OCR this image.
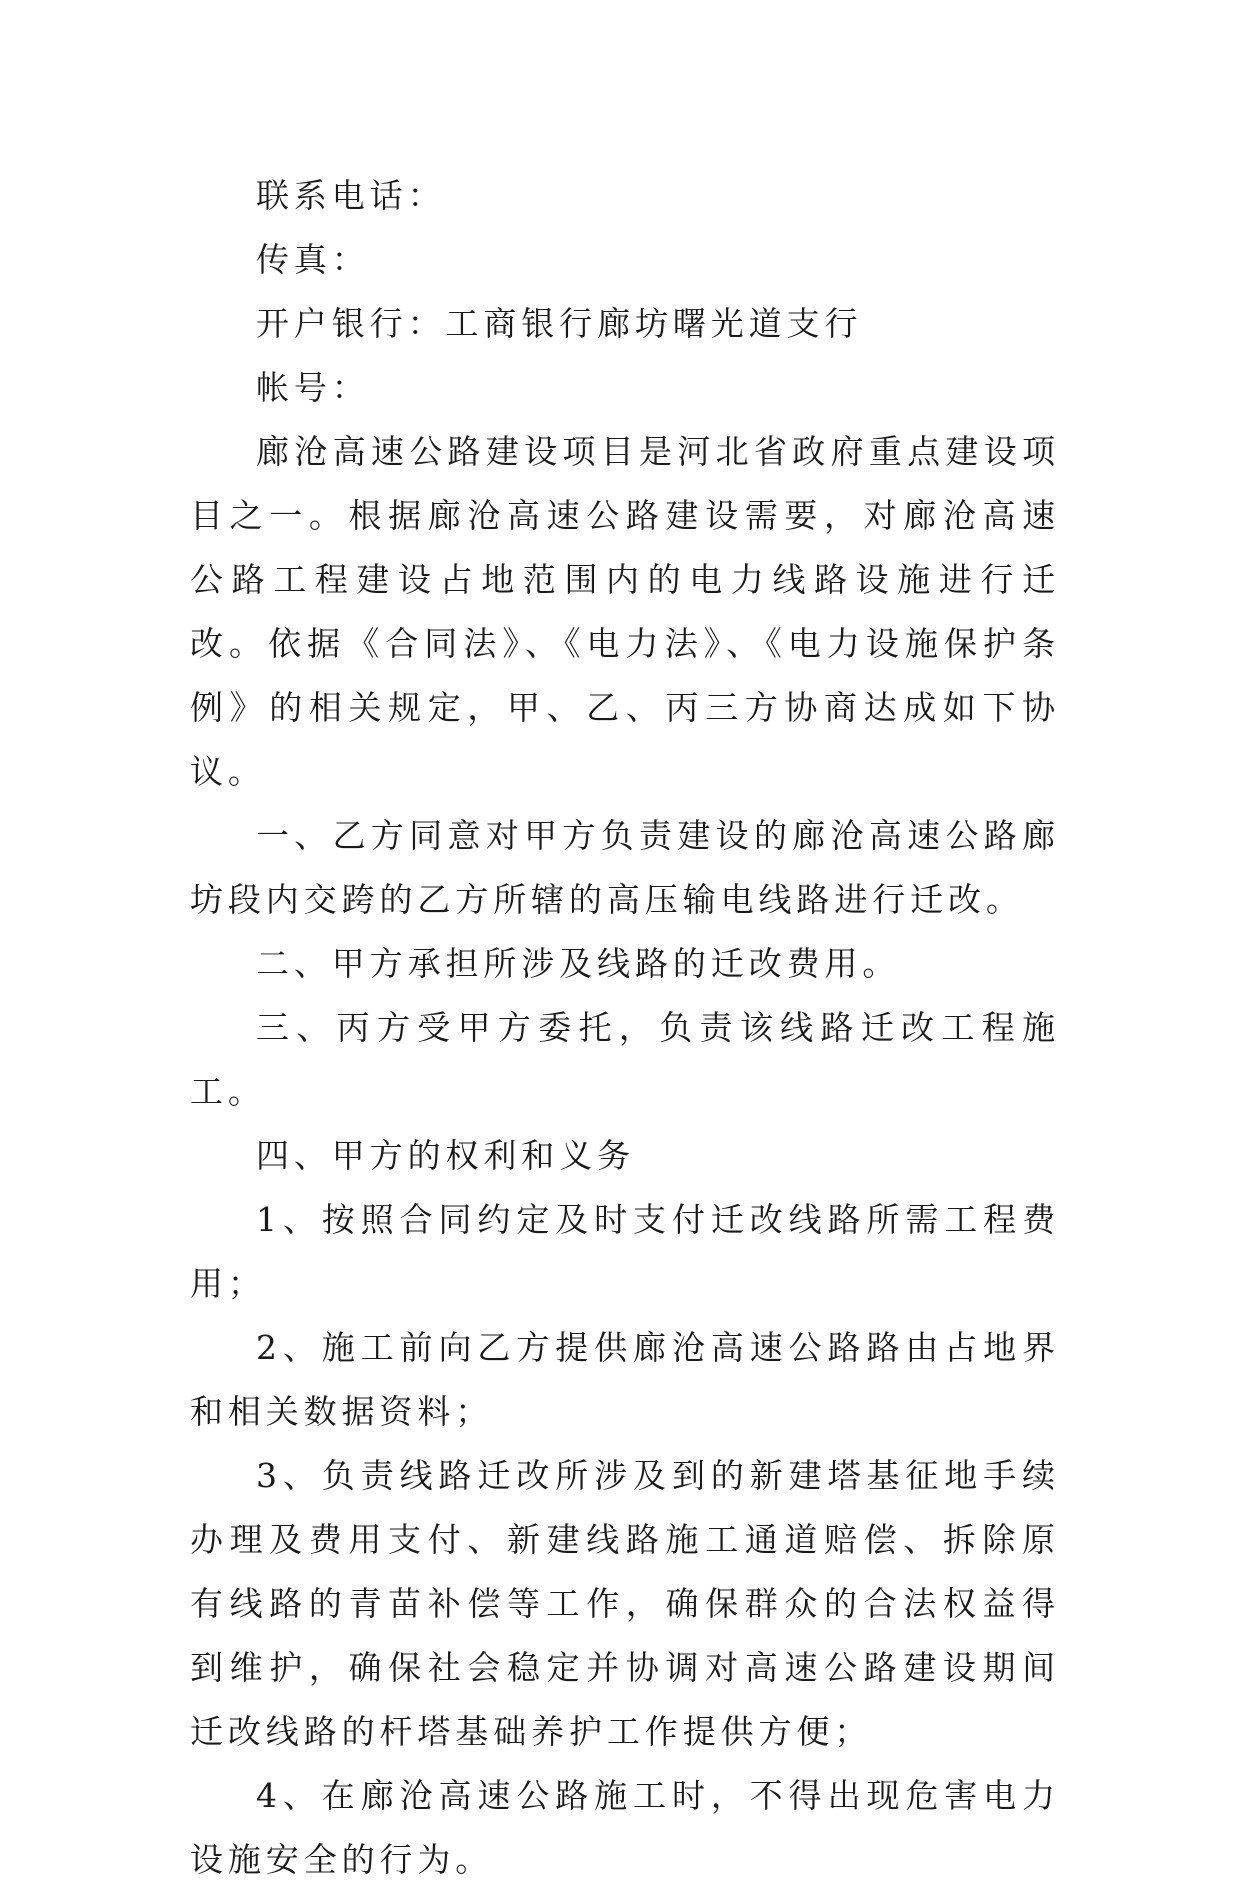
联系电话：

传真：

开户银行：工商银行廊坊曙光道支行

帐号：

廊沧高速公路建设项目是河北省政府重点建设项目之一。根据廊沧高速公路建设需要，对廊沧高速公路工程建设占地范围内的电力线路设施进行迁改。依据《合同法》、《电力法》、《电力设施保护条例》的相关规定，甲、乙、丙三方协商达成如下协议。

一、乙方同意对甲方负责建设的廊沧高速公路廊坊段内交跨的乙方所辖的高压输电线路进行迁改。

二、甲方承担所涉及线路的迁改费用。

三、丙方受甲方委托，负责该线路迁改工程施工。

四、甲方的权利和义务

1、按照合同约定及时支付迁改线路所需工程费用；

2、施工前向乙方提供廊沧高速公路路由占地界和相关数据资料；

3、负责线路迁改所涉及到的新建塔基征地手续办理及费用支付、新建线路施工通道赔偿、拆除原有线路的青苗补偿等工作，确保群众的合法权益得到维护，确保社会稳定并协调对高速公路建设期间迁改线路的杆塔基础养护工作提供方便；

4、在廊沧高速公路施工时，不得出现危害电力设施安全的行为。
